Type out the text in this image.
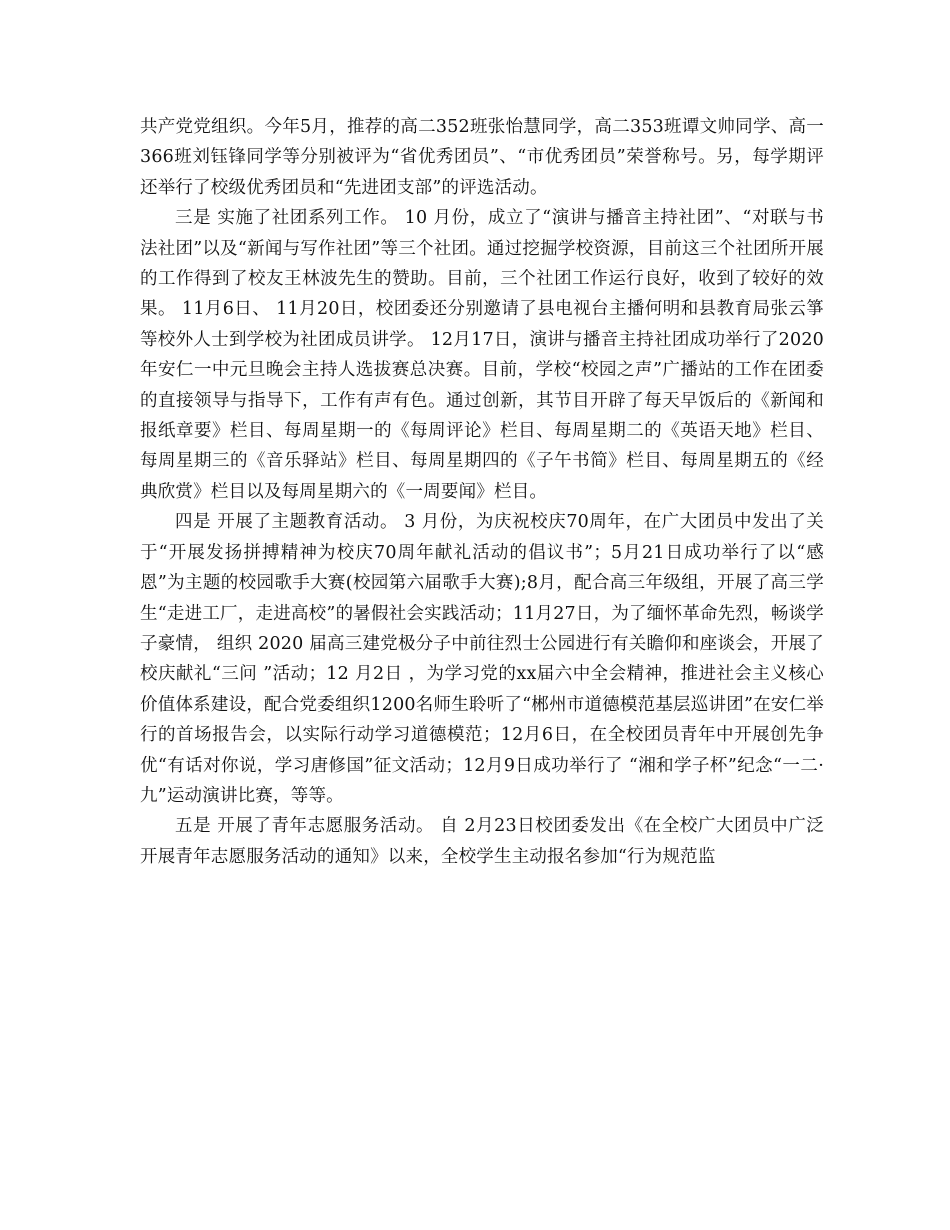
共产党党组织。今年5月，推荐的高二352班张怡慧同学，高二353班谭文帅同学、高一366班刘钰锋同学等分别被评为“省优秀团员”、“市优秀团员”荣誉称号。另，每学期评还举行了校级优秀团员和“先进团支部”的评选活动。

三是 实施了社团系列工作。 10 月份，成立了“演讲与播音主持社团”、“对联与书法社团”以及“新闻与写作社团”等三个社团。通过挖掘学校资源，目前这三个社团所开展的工作得到了校友王林波先生的赞助。目前，三个社团工作运行良好，收到了较好的效果。 11月6日、 11月20日，校团委还分别邀请了县电视台主播何明和县教育局张云箏等校外人士到学校为社团成员讲学。 12月17日，演讲与播音主持社团成功举行了2020年安仁一中元旦晚会主持人选拔赛总决赛。目前，学校“校园之声”广播站的工作在团委的直接领导与指导下，工作有声有色。通过创新，其节目开辟了每天早饭后的《新闻和报纸章要》栏目、每周星期一的《每周评论》栏目、每周星期二的《英语天地》栏目、每周星期三的《音乐驿站》栏目、每周星期四的《子午书简》栏目、每周星期五的《经典欣赏》栏目以及每周星期六的《一周要闻》栏目。

四是 开展了主题教育活动。 3 月份，为庆祝校庆70周年，在广大团员中发出了关于“开展发扬拼搏精神为校庆70周年献礼活动的倡议书”；5月21日成功举行了以“感恩”为主题的校园歌手大赛(校园第六届歌手大赛);8月，配合高三年级组，开展了高三学生“走进工厂，走进高校”的暑假社会实践活动；11月27日，为了缅怀革命先烈，畅谈学子豪情， 组织 2020 届高三建党极分子中前往烈士公园进行有关瞻仰和座谈会，开展了校庆献礼“三问 ”活动；12 月2日 ，为学习党的xx届六中全会精神，推进社会主义核心价值体系建设，配合党委组织1200名师生聆听了“郴州市道德模范基层巡讲团”在安仁举行的首场报告会，以实际行动学习道德模范；12月6日，在全校团员青年中开展创先争优“有话对你说，学习唐修国”征文活动；12月9日成功举行了 “湘和学子杯”纪念“一二·九”运动演讲比赛，等等。

五是 开展了青年志愿服务活动。 自 2月23日校团委发出《在全校广大团员中广泛开展青年志愿服务活动的通知》以来，全校学生主动报名参加“行为规范监
